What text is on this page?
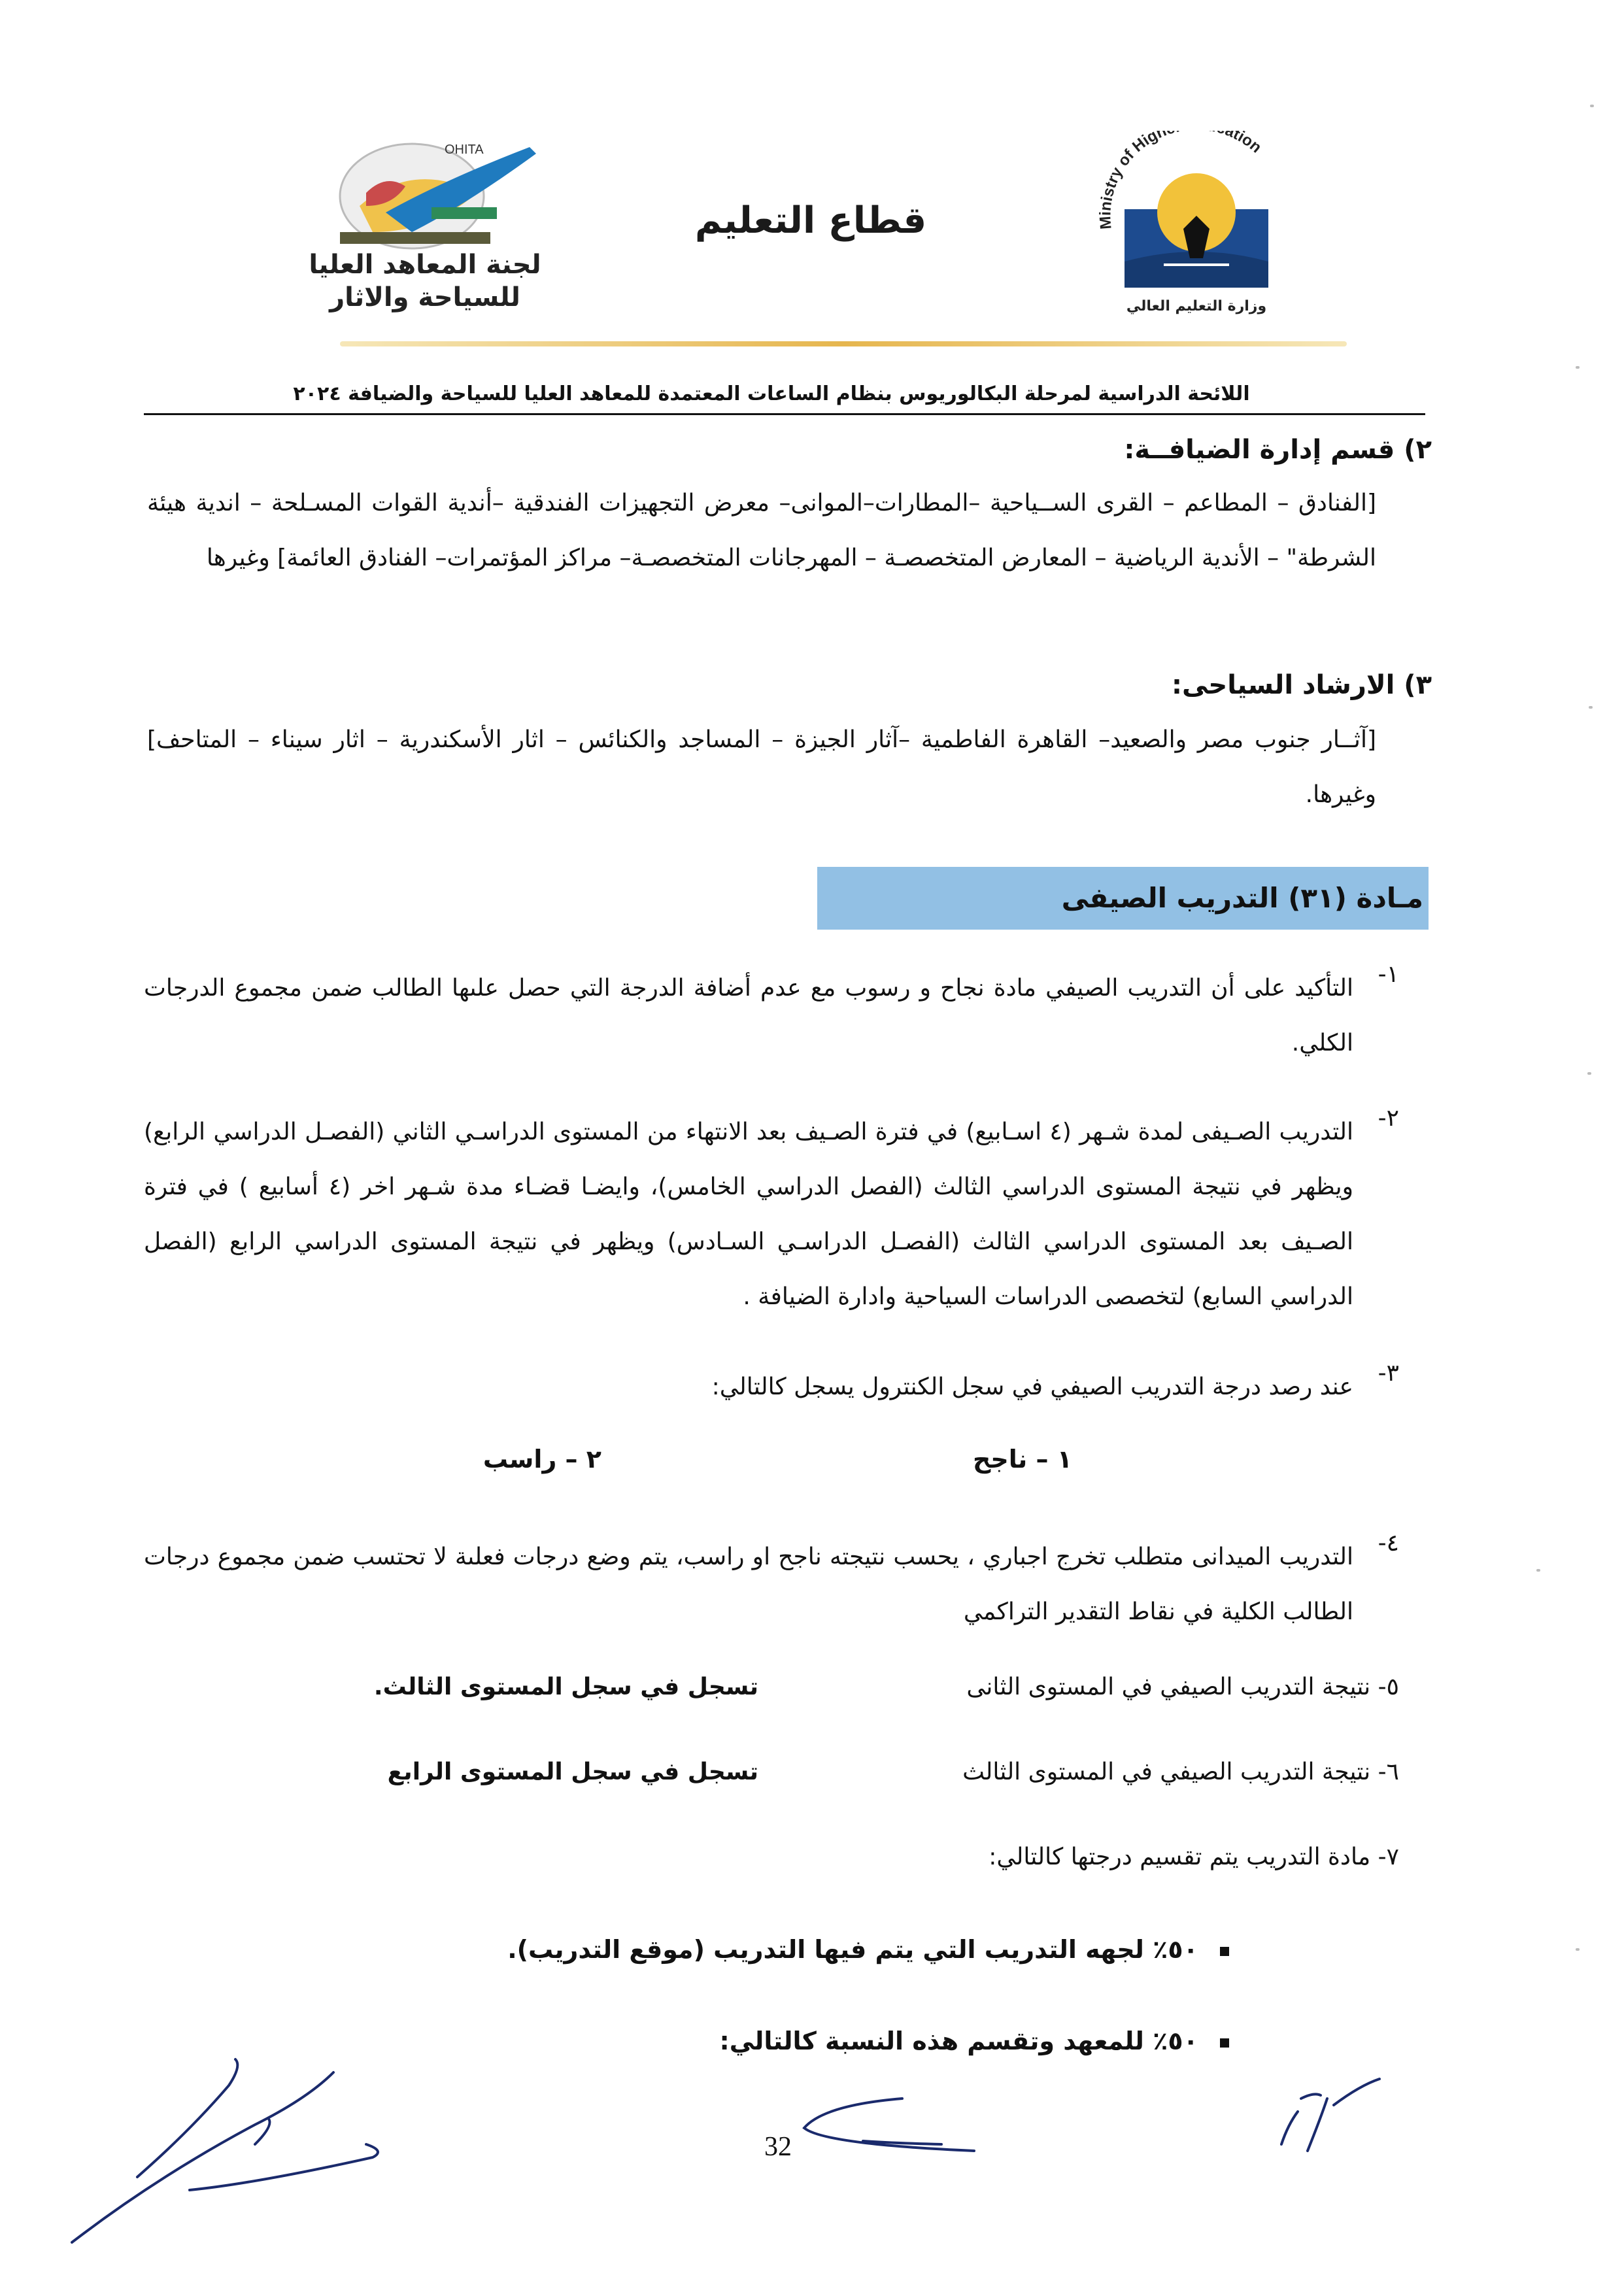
Ministry of High ation
وزارة التعليم العالي
قطاع التعليم
OHITA
لجنة المعاهد العليا
للسياحة والاثار
اللائحة الدراسية لمرحلة البكالوريوس بنظام الساعات المعتمدة للمعاهد العليا للسياحة والضيافة ٢٠٢٤
٢) قسم إدارة الضيافــة:
[الفنادق – المطاعم – القرى الســياحية –المطارات–الموانى– معرض التجهيزات الفندقية –أندية القوات المسـلحة – اندية هيئة الشرطة" – الأندية الرياضية – المعارض المتخصصـة – المهرجانات المتخصصـة– مراكز المؤتمرات– الفنادق العائمة] وغيرها
٣) الارشاد السياحى:
[آثــار جنوب مصر والصعيد– القاهرة الفاطمية –آثار الجيزة – المساجد والكنائس – اثار الأسكندرية – اثار سيناء – المتاحف] وغيرها.
مـادة (٣١) التدريب الصيفى
١-
التأكيد على أن التدريب الصيفي مادة نجاح و رسوب مع عدم أضافة الدرجة التي حصل علىها الطالب ضمن مجموع الدرجات الكلي.
٢-
التدريب الصـيفى لمدة شـهر (٤ اسـابيع) في فترة الصـيف بعد الانتهاء من المستوى الدراسـي الثاني (الفصـل الدراسي الرابع) ويظهر في نتيجة المستوى الدراسي الثالث (الفصل الدراسي الخامس)، وايضـا قضـاء مدة شـهر اخر (٤ أسابيع ) في فترة الصـيف بعد المستوى الدراسي الثالث (الفصـل الدراسـي السـادس) ويظهر في نتيجة المستوى الدراسي الرابع (الفصل الدراسي السابع) لتخصصى الدراسات السياحية وادارة الضيافة .
٣-
عند رصد درجة التدريب الصيفي في سجل الكنترول يسجل كالتالي:
١ – ناجح
٢ – راسب
٤-
التدريب الميدانى متطلب تخرج اجباري ، يحسب نتيجته ناجح او راسب، يتم وضع درجات فعلىة لا تحتسب ضمن مجموع درجات الطالب الكلية في نقاط التقدير التراكمي
٥- نتيجة التدريب الصيفي في المستوى الثانى
تسجل في سجل المستوى الثالث.
٦- نتيجة التدريب الصيفي في المستوى الثالث
تسجل في سجل المستوى الرابع
٧- مادة التدريب يتم تقسيم درجتها كالتالي:
٥٠٪ لجهه التدريب التي يتم فيها التدريب (موقع التدريب).
٥٠٪ للمعهد وتقسم هذه النسبة كالتالي:
32
